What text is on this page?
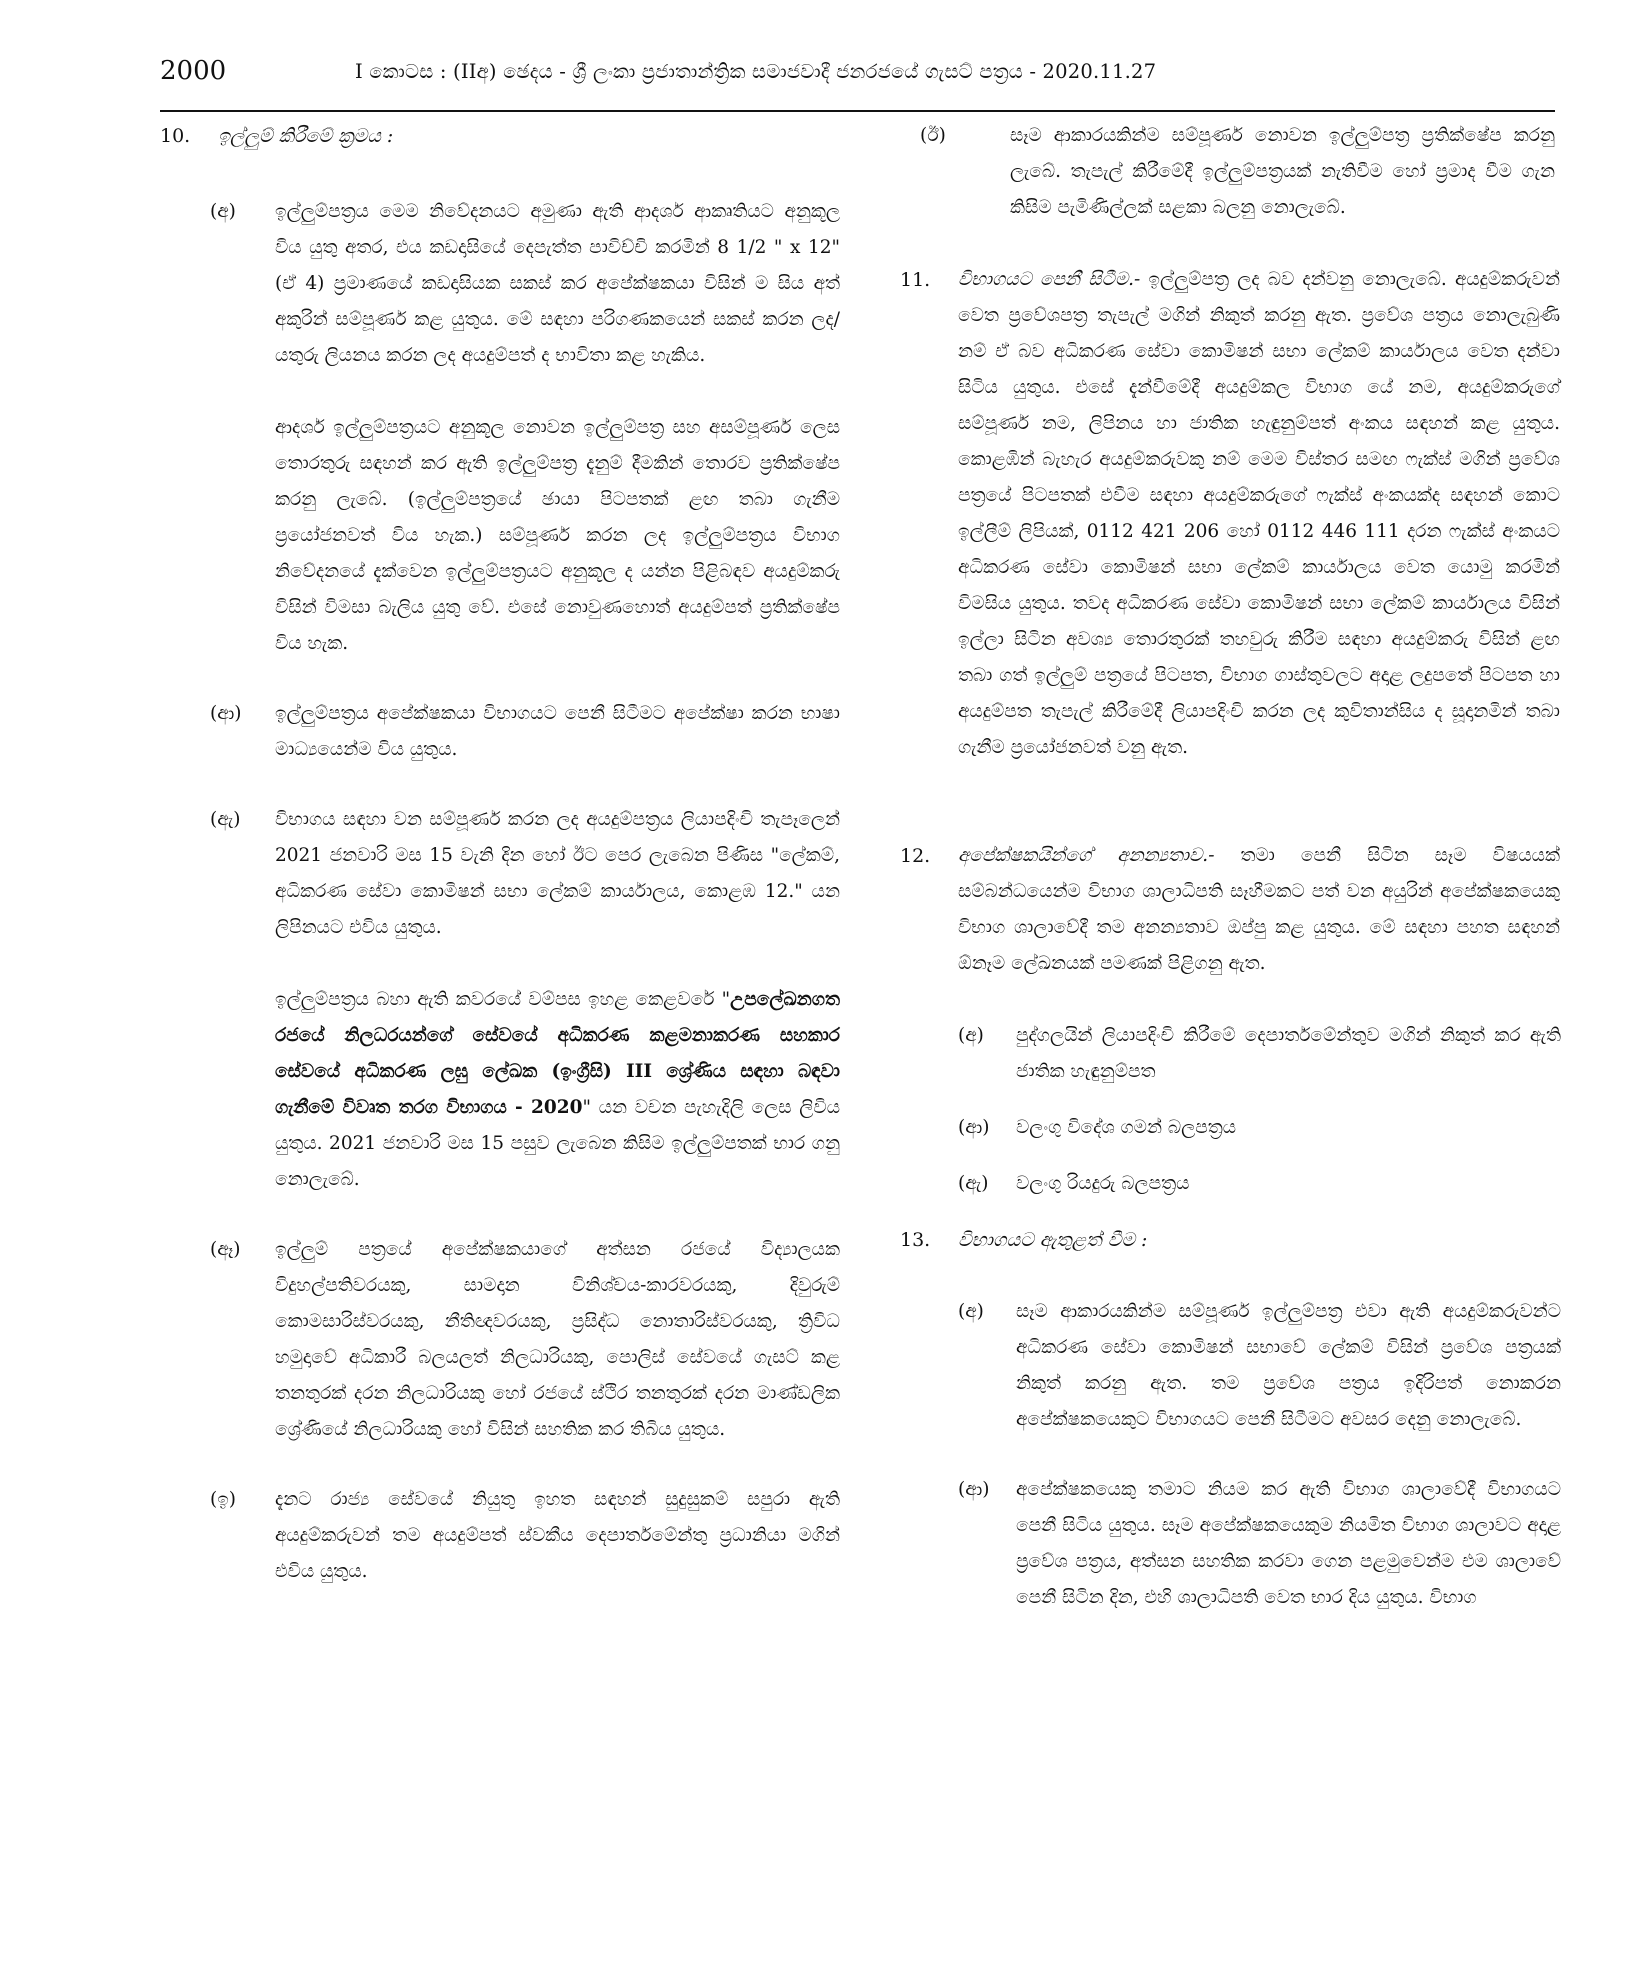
2000	I කොටස : (IIඅ) ඡෙදය - ශ්‍රී ලංකා ප්‍රජාතාන්ත්‍රික සමාජවාදී ජනරජයේ ගැසට් පත්‍රය - 2020.11.27
10. ඉල්ලුම් කිරීමේ ක්‍රමය :
(අ) ඉල්ලුම්පත්‍රය මෙම නිවේදනයට අමුණා ඇති ආදර්ශ ආකෘතියට අනුකූල විය යුතු අතර, එය කඩදාසියේ දෙපැත්ත පාවිච්චි කරමින් 8 1/2 " x 12" (ඒ 4) ප්‍රමාණයේ කඩදාසියක සකස් කර අපේක්ෂකයා විසින් ම සිය අත් අකුරින් සම්පූර්ණ කළ යුතුය. මේ සඳහා පරිගණකයෙන් සකස් කරන ලද/ යතුරු ලියනය කරන ලද අයදුම්පත් ද භාවිතා කළ හැකිය.

ආදර්ශ ඉල්ලුම්පත්‍රයට අනුකූල නොවන ඉල්ලුම්පත්‍ර සහ අසම්පූර්ණ ලෙස තොරතුරු සඳහන් කර ඇති ඉල්ලුම්පත්‍ර දැනුම් දීමකින් තොරව ප්‍රතික්ෂේප කරනු ලැබේ. (ඉල්ලුම්පත්‍රයේ ඡායා පිටපතක් ළඟ තබා ගැනීම ප්‍රයෝජනවත් විය හැක.) සම්පූර්ණ කරන ලද ඉල්ලුම්පත්‍රය විභාග නිවේදනයේ දැක්වෙන ඉල්ලුම්පත්‍රයට අනුකූල ද යන්න පිළිබඳව අයදුම්කරු විසින් විමසා බැලිය යුතු වේ. එසේ නොවුණහොත් අයදුම්පත් ප්‍රතික්ෂේප විය හැක.

(ආ) ඉල්ලුම්පත්‍රය අපේක්ෂකයා විභාගයට පෙනී සිටීමට අපේක්ෂා කරන භාෂා මාධ්‍යයෙන්ම විය යුතුය.

(ඇ) විභාගය සඳහා වන සම්පූර්ණ කරන ලද අයදුම්පත්‍රය ලියාපදිංචි තැපෑලෙන් 2021 ජනවාරි මස 15 වැනි දින හෝ ඊට පෙර ලැබෙන පිණිස "ලේකම්, අධිකරණ සේවා කොමිෂන් සභා ලේකම් කාර්යාලය, කොළඹ 12." යන ලිපිනයට එවිය යුතුය.

ඉල්ලුම්පත්‍රය බහා ඇති කවරයේ වම්පස ඉහළ කෙළවරේ "උපලේඛනගත රජයේ නිලධරයන්ගේ සේවයේ අධිකරණ කළමනාකරණ සහකාර සේවයේ අධිකරණ ලඝු ලේඛක (ඉංග්‍රීසි) III ශ්‍රේණිය සඳහා බඳවා ගැනීමේ විවෘත තරග විභාගය - 2020" යන වචන පැහැදිලි ලෙස ලිවිය යුතුය. 2021 ජනවාරි මස 15 පසුව ලැබෙන කිසිම ඉල්ලුම්පතක් භාර ගනු නොලැබේ.

(ඈ) ඉල්ලුම් පත්‍රයේ අපේක්ෂකයාගේ අත්සන රජයේ විද්‍යාලයක විදුහල්පතිවරයකු, සාමදාන විනිශ්චය-කාරවරයකු, දිවුරුම් කොමසාරිස්වරයකු, නීතිඥවරයකු, ප්‍රසිද්ධ නොතාරිස්වරයකු, ත්‍රිවිධ හමුදාවේ අධිකාරී බලයලත් නිලධාරියකු, පොලිස් සේවයේ ගැසට් කළ තනතුරක් දරන නිලධාරියකු හෝ රජයේ ස්ථිර තනතුරක් දරන මාණ්ඩලික ශ්‍රේණියේ නිලධාරියකු හෝ විසින් සහතික කර තිබිය යුතුය.

(ඉ) දැනට රාජ්‍ය සේවයේ නියුතු ඉහත සඳහන් සුදුසුකම් සපුරා ඇති අයදුම්කරුවන් තම අයදුම්පත් ස්වකීය දෙපාර්තමේන්තු ප්‍රධානියා මගින් එවිය යුතුය.

(ඊ)	සෑම ආකාරයකින්ම සම්පූර්ණ නොවන ඉල්ලුම්පත්‍ර ප්‍රතික්ෂේප කරනු ලැබේ. තැපැල් කිරීමේදී ඉල්ලුම්පත්‍රයක් නැතිවීම හෝ ප්‍රමාද වීම ගැන කිසිම පැමිණිල්ලක් සළකා බලනු නොලැබේ.

11. විභාගයට පෙනී සිටීම.- ඉල්ලුම්පත්‍ර ලද බව දන්වනු නොලැබේ. අයදුම්කරුවන් වෙත ප්‍රවේශපත්‍ර තැපැල් මගින් නිකුත් කරනු ඇත. ප්‍රවේශ පත්‍රය නොලැබුණි නම් ඒ බව අධිකරණ සේවා කොමිෂන් සභා ලේකම් කාර්යාලය වෙත දන්වා සිටිය යුතුය. එසේ දැන්වීමේදී අයදුම්කල විභාග යේ නම, අයදුම්කරුගේ සම්පූර්ණ නම, ලිපිනය හා ජාතික හැඳුනුම්පත් අංකය සඳහන් කළ යුතුය. කොළඹින් බැහැර අයදුම්කරුවකු නම් මෙම විස්තර සමඟ ෆැක්ස් මගින් ප්‍රවේශ පත්‍රයේ පිටපතක් එවීම සඳහා අයදුම්කරුගේ ෆැක්ස් අංකයක්ද සඳහන් කොට ඉල්ලීම් ලිපියක්, 0112 421 206 හෝ 0112 446 111 දරන ෆැක්ස් අංකයට අධිකරණ සේවා කොමිෂන් සභා ලේකම් කාර්යාලය වෙත යොමු කරමින් විමසිය යුතුය. තවද අධිකරණ සේවා කොමිෂන් සභා ලේකම් කාර්යාලය විසින් ඉල්ලා සිටින අවශ්‍ය තොරතුරක් තහවුරු කිරීම සඳහා අයදුම්කරු විසින් ළඟ තබා ගත් ඉල්ලුම් පත්‍රයේ පිටපත, විභාග ගාස්තුවලට අදාළ ලදුපතේ පිටපත හා අයදුම්පත තැපැල් කිරීමේදී ලියාපදිංචි කරන ලද කුවිතාන්සිය ද සූදානමින් තබා ගැනීම ප්‍රයෝජනවත් වනු ඇත.

12. අපේක්ෂකයින්ගේ අනන්‍යතාව.- තමා පෙනී සිටින සෑම විෂයයක් සම්බන්ධයෙන්ම විභාග ශාලාධිපති සෑහීමකට පත් වන අයුරින් අපේක්ෂකයෙකු විභාග ශාලාවේදී තම අනන්‍යතාව ඔප්පු කළ යුතුය. මේ සඳහා පහත සඳහන් ඕනෑම ලේඛනයක් පමණක් පිළිගනු ඇත.

(අ) පුද්ගලයින් ලියාපදිංචි කිරීමේ දෙපාර්තමේන්තුව මගින් නිකුත් කර ඇති ජාතික හැඳුනුම්පත

(ආ) වලංගු විදේශ ගමන් බලපත්‍රය

(ඇ) වලංගු රියදුරු බලපත්‍රය

13. විභාගයට ඇතුළත් වීම :
(අ) සෑම ආකාරයකින්ම සම්පූර්ණ ඉල්ලුම්පත්‍ර එවා ඇති අයදුම්කරුවන්ට අධිකරණ සේවා කොමිෂන් සභාවේ ලේකම් විසින් ප්‍රවේශ පත්‍රයක් නිකුත් කරනු ඇත. තම ප්‍රවේශ පත්‍රය ඉදිරිපත් නොකරන අපේක්ෂකයෙකුට විභාගයට පෙනී සිටීමට අවසර දෙනු නොලැබේ.

(ආ) අපේක්ෂකයෙකු තමාට නියම කර ඇති විභාග ශාලාවේදී විභාගයට පෙනී සිටිය යුතුය. සෑම අපේක්ෂකයෙකුම නියමිත විභාග ශාලාවට අදාළ ප්‍රවේශ පත්‍රය, අත්සන සහතික කරවා ගෙන පළමුවෙන්ම එම ශාලාවේ පෙනී සිටින දින, එහි ශාලාධිපති වෙත භාර දිය යුතුය. විභාග
